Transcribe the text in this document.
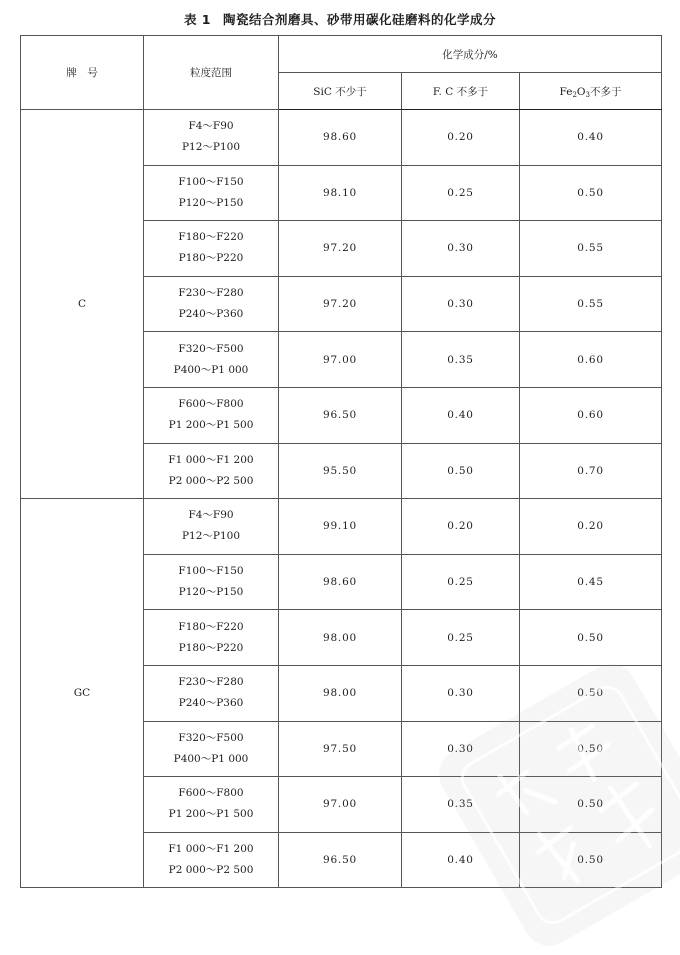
表 1 陶瓷结合剂磨具、砂带用碳化硅磨料的化学成分
牌　号	粒度范围	化学成分/%		
		SiC 不少于	F. C 不多于	$Fe_2O_3$不多于
C	F4～F90
P12～P100	98.60	0.20	0.40

	F100～F150
P120～P150	98.10	0.25	0.50

	F180～F220
P180～P220	97.20	0.30	0.55

	F230～F280
P240～P360	97.20	0.30	0.55

	F320～F500
P400～P1 000	97.00	0.35	0.60

	F600～F800
P1 200～P1 500	96.50	0.40	0.60

	F1 000～F1 200
P2 000～P2 500	95.50	0.50	0.70
GC	F4～F90
P12～P100	99.10	0.20	0.20

	F100～F150
P120～P150	98.60	0.25	0.45

	F180～F220
P180～P220	98.00	0.25	0.50

	F230～F280
P240～P360	98.00	0.30	0.50

	F320～F500
P400～P1 000	97.50	0.30	0.50

	F600～F800
P1 200～P1 500	97.00	0.35	0.50

	F1 000～F1 200
P2 000～P2 500	96.50	0.40	0.50
